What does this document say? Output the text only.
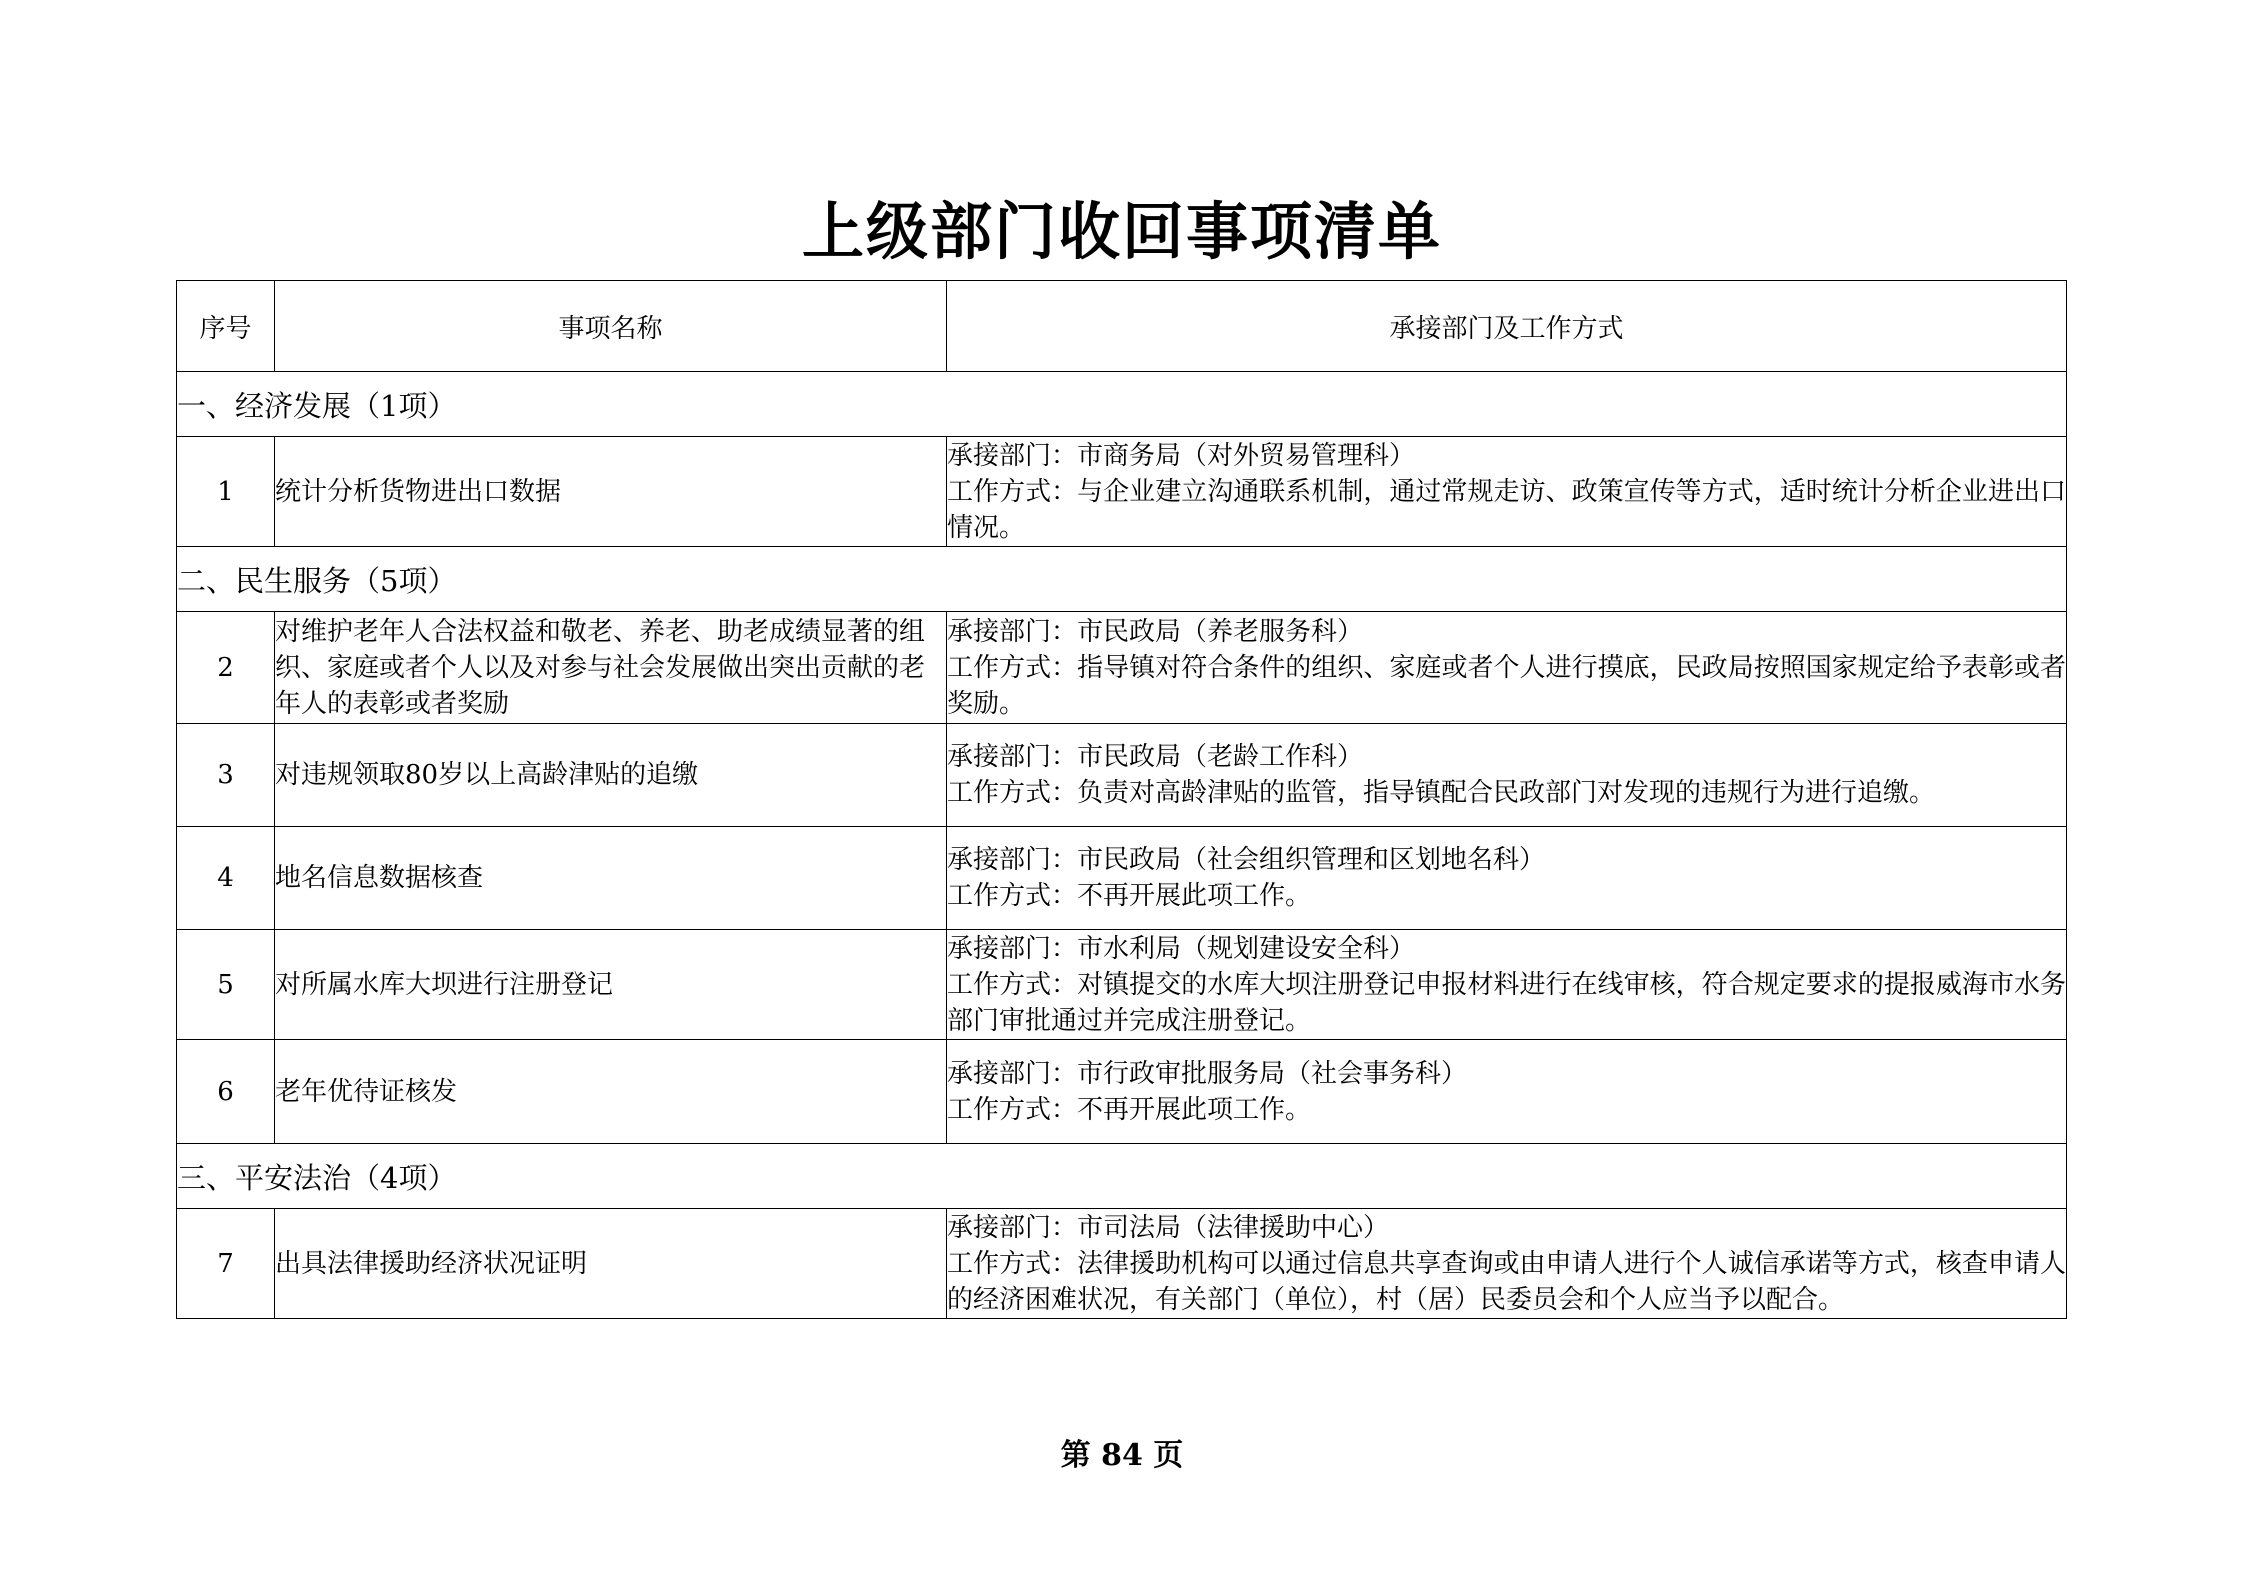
上级部门收回事项清单
序号	事项名称	承接部门及工作方式
一、经济发展（1项）		
1	统计分析货物进出口数据	承接部门：市商务局（对外贸易管理科）
工作方式：与企业建立沟通联系机制，通过常规走访、政策宣传等方式，适时统计分析企业进出口情况。

二、民生服务（5项）		
2	对维护老年人合法权益和敬老、养老、助老成绩显著的组织、家庭或者个人以及对参与社会发展做出突出贡献的老年人的表彰或者奖励	承接部门：市民政局（养老服务科）
工作方式：指导镇对符合条件的组织、家庭或者个人进行摸底，民政局按照国家规定给予表彰或者奖励。

3	对违规领取80岁以上高龄津贴的追缴	承接部门：市民政局（老龄工作科）
工作方式：负责对高龄津贴的监管，指导镇配合民政部门对发现的违规行为进行追缴。

4	地名信息数据核查	承接部门：市民政局（社会组织管理和区划地名科）
工作方式：不再开展此项工作。

5	对所属水库大坝进行注册登记	承接部门：市水利局（规划建设安全科）
工作方式：对镇提交的水库大坝注册登记申报材料进行在线审核，符合规定要求的提报威海市水务部门审批通过并完成注册登记。

6	老年优待证核发	承接部门：市行政审批服务局（社会事务科）
工作方式：不再开展此项工作。

三、平安法治（4项）		
7	出具法律援助经济状况证明	承接部门：市司法局（法律援助中心）
工作方式：法律援助机构可以通过信息共享查询或由申请人进行个人诚信承诺等方式，核查申请人的经济困难状况，有关部门（单位），村（居）民委员会和个人应当予以配合。
第 84 页
